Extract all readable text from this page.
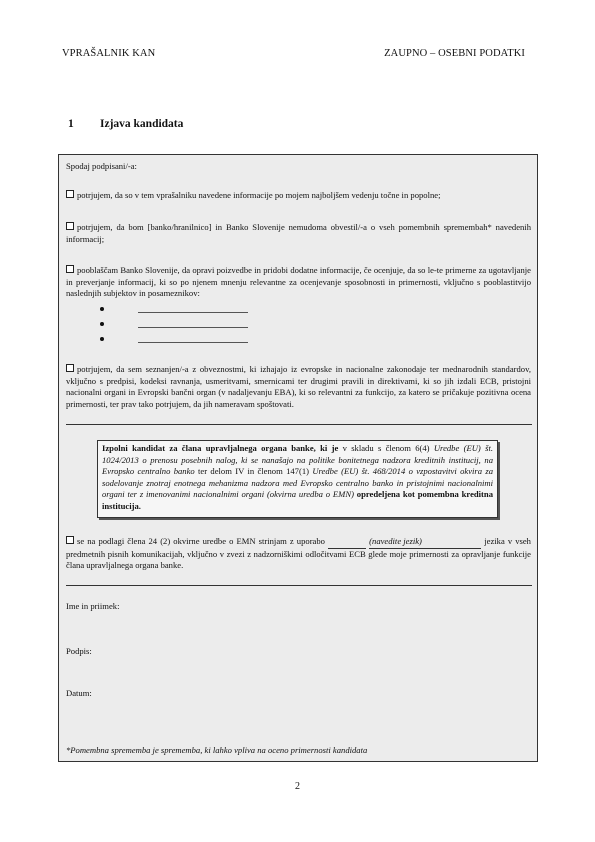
VPRAŠALNIK KAN	ZAUPNO – OSEBNI PODATKI
1 Izjava kandidata
Spodaj podpisani/-a:
potrjujem, da so v tem vprašalniku navedene informacije po mojem najboljšem vedenju točne in popolne;
potrjujem, da bom [banko/hranilnico] in Banko Slovenije nemudoma obvestil/-a o vseh pomembnih spremembah* navedenih informacij;
pooblaščam Banko Slovenije, da opravi poizvedbe in pridobi dodatne informacije, če ocenjuje, da so le-te primerne za ugotavljanje in preverjanje informacij, ki so po njenem mnenju relevantne za ocenjevanje sposobnosti in primernosti, vključno s pooblastitvijo naslednjih subjektov in posameznikov:
potrjujem, da sem seznanjen/-a z obveznostmi, ki izhajajo iz evropske in nacionalne zakonodaje ter mednarodnih standardov, vključno s predpisi, kodeksi ravnanja, usmeritvami, smernicami ter drugimi pravili in direktivami, ki so jih izdali ECB, pristojni nacionalni organi in Evropski bančni organ (v nadaljevanju EBA), ki so relevantni za funkcijo, za katero se pričakuje pozitivna ocena primernosti, ter prav tako potrjujem, da jih nameravam spoštovati.
Izpolni kandidat za člana upravljalnega organa banke, ki je v skladu s členom 6(4) Uredbe (EU) št. 1024/2013 o prenosu posebnih nalog, ki se nanašajo na politike bonitetnega nadzora kreditnih institucij, na Evropsko centralno banko ter delom IV in členom 147(1) Uredbe (EU) št. 468/2014 o vzpostavitvi okvira za sodelovanje znotraj enotnega mehanizma nadzora med Evropsko centralno banko in pristojnimi nacionalnimi organi ter z imenovanimi nacionalnimi organi (okvirna uredba o EMN) opredeljena kot pomembna kreditna institucija.
se na podlagi člena 24 (2) okvirne uredbe o EMN strinjam z uporabo	(navedite jezik)	jezika v vseh predmetnih pisnih komunikacijah, vključno v zvezi z nadzorniškimi odločitvami ECB glede moje primernosti za opravljanje funkcije člana upravljalnega organa banke.
Ime in priimek:
Podpis:
Datum:
*Pomembna sprememba je sprememba, ki lahko vpliva na oceno primernosti kandidata
2
